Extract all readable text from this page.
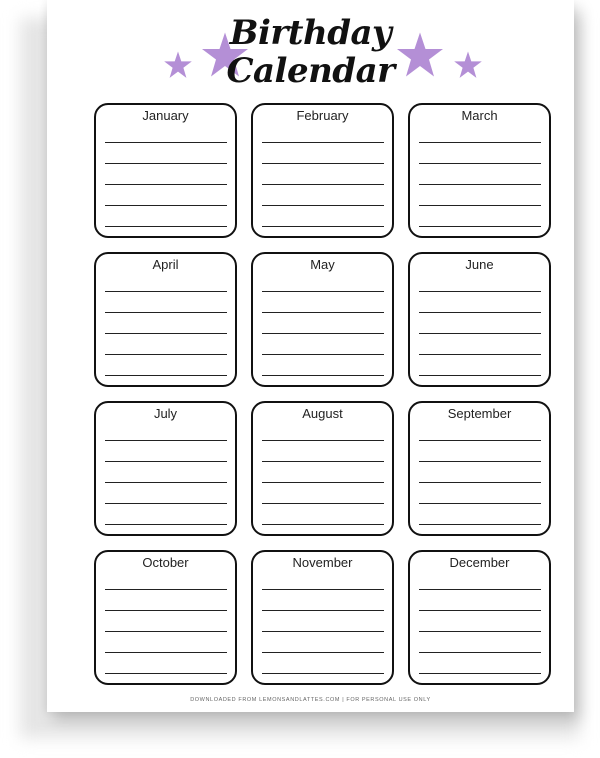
Birthday
Calendar
January	February	March
April	May	June
July	August	September
October	November	December
DOWNLOADED FROM LEMONSANDLATTES.COM | FOR PERSONAL USE ONLY
